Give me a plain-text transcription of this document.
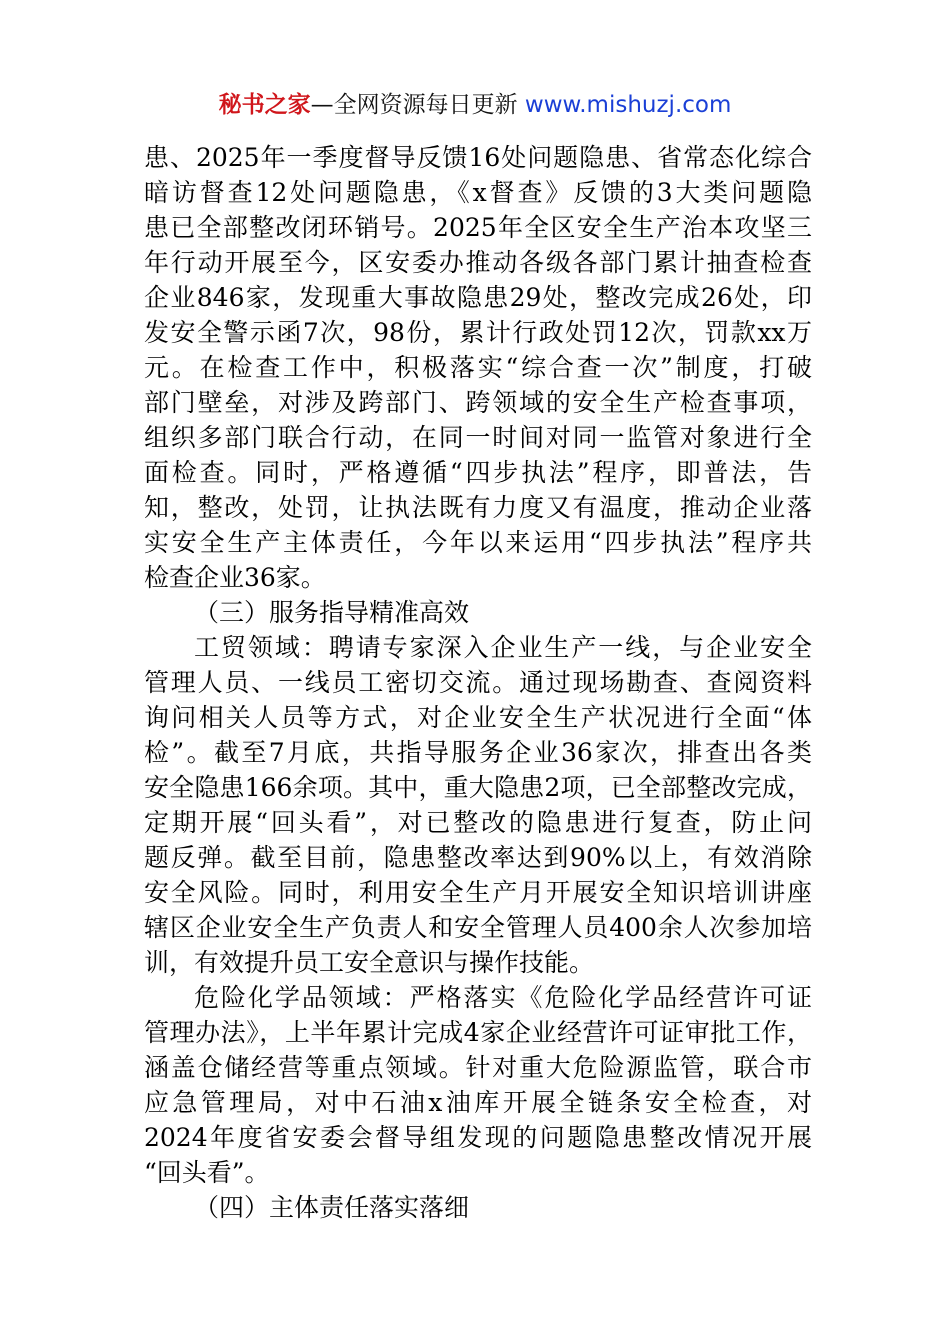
秘书之家—全网资源每日更新 www.mishuzj.com
患、2025年一季度督导反馈16处问题隐患、省常态化综合
暗访督查12处问题隐患，《x督查》反馈的3大类问题隐
患已全部整改闭环销号。2025年全区安全生产治本攻坚三
年行动开展至今，区安委办推动各级各部门累计抽查检查
企业846家，发现重大事故隐患29处，整改完成26处，印
发安全警示函7次，98份，累计行政处罚12次，罚款xx万
元。在检查工作中，积极落实“综合查一次”制度，打破
部门壁垒，对涉及跨部门、跨领域的安全生产检查事项，
组织多部门联合行动，在同一时间对同一监管对象进行全
面检查。同时，严格遵循“四步执法”程序，即普法，告
知，整改，处罚，让执法既有力度又有温度，推动企业落
实安全生产主体责任，今年以来运用“四步执法”程序共
检查企业36家。
（三）服务指导精准高效
工贸领域：聘请专家深入企业生产一线，与企业安全
管理人员、一线员工密切交流。通过现场勘查、查阅资料
询问相关人员等方式，对企业安全生产状况进行全面“体
检”。截至7月底，共指导服务企业36家次，排查出各类
安全隐患166余项。其中，重大隐患2项，已全部整改完成，
定期开展“回头看”，对已整改的隐患进行复查，防止问
题反弹。截至目前，隐患整改率达到90%以上，有效消除
安全风险。同时，利用安全生产月开展安全知识培训讲座
辖区企业安全生产负责人和安全管理人员400余人次参加培
训，有效提升员工安全意识与操作技能。
危险化学品领域：严格落实《危险化学品经营许可证
管理办法》，上半年累计完成4家企业经营许可证审批工作，
涵盖仓储经营等重点领域。针对重大危险源监管，联合市
应急管理局，对中石油x油库开展全链条安全检查，对
2024年度省安委会督导组发现的问题隐患整改情况开展
“回头看”。
（四）主体责任落实落细
